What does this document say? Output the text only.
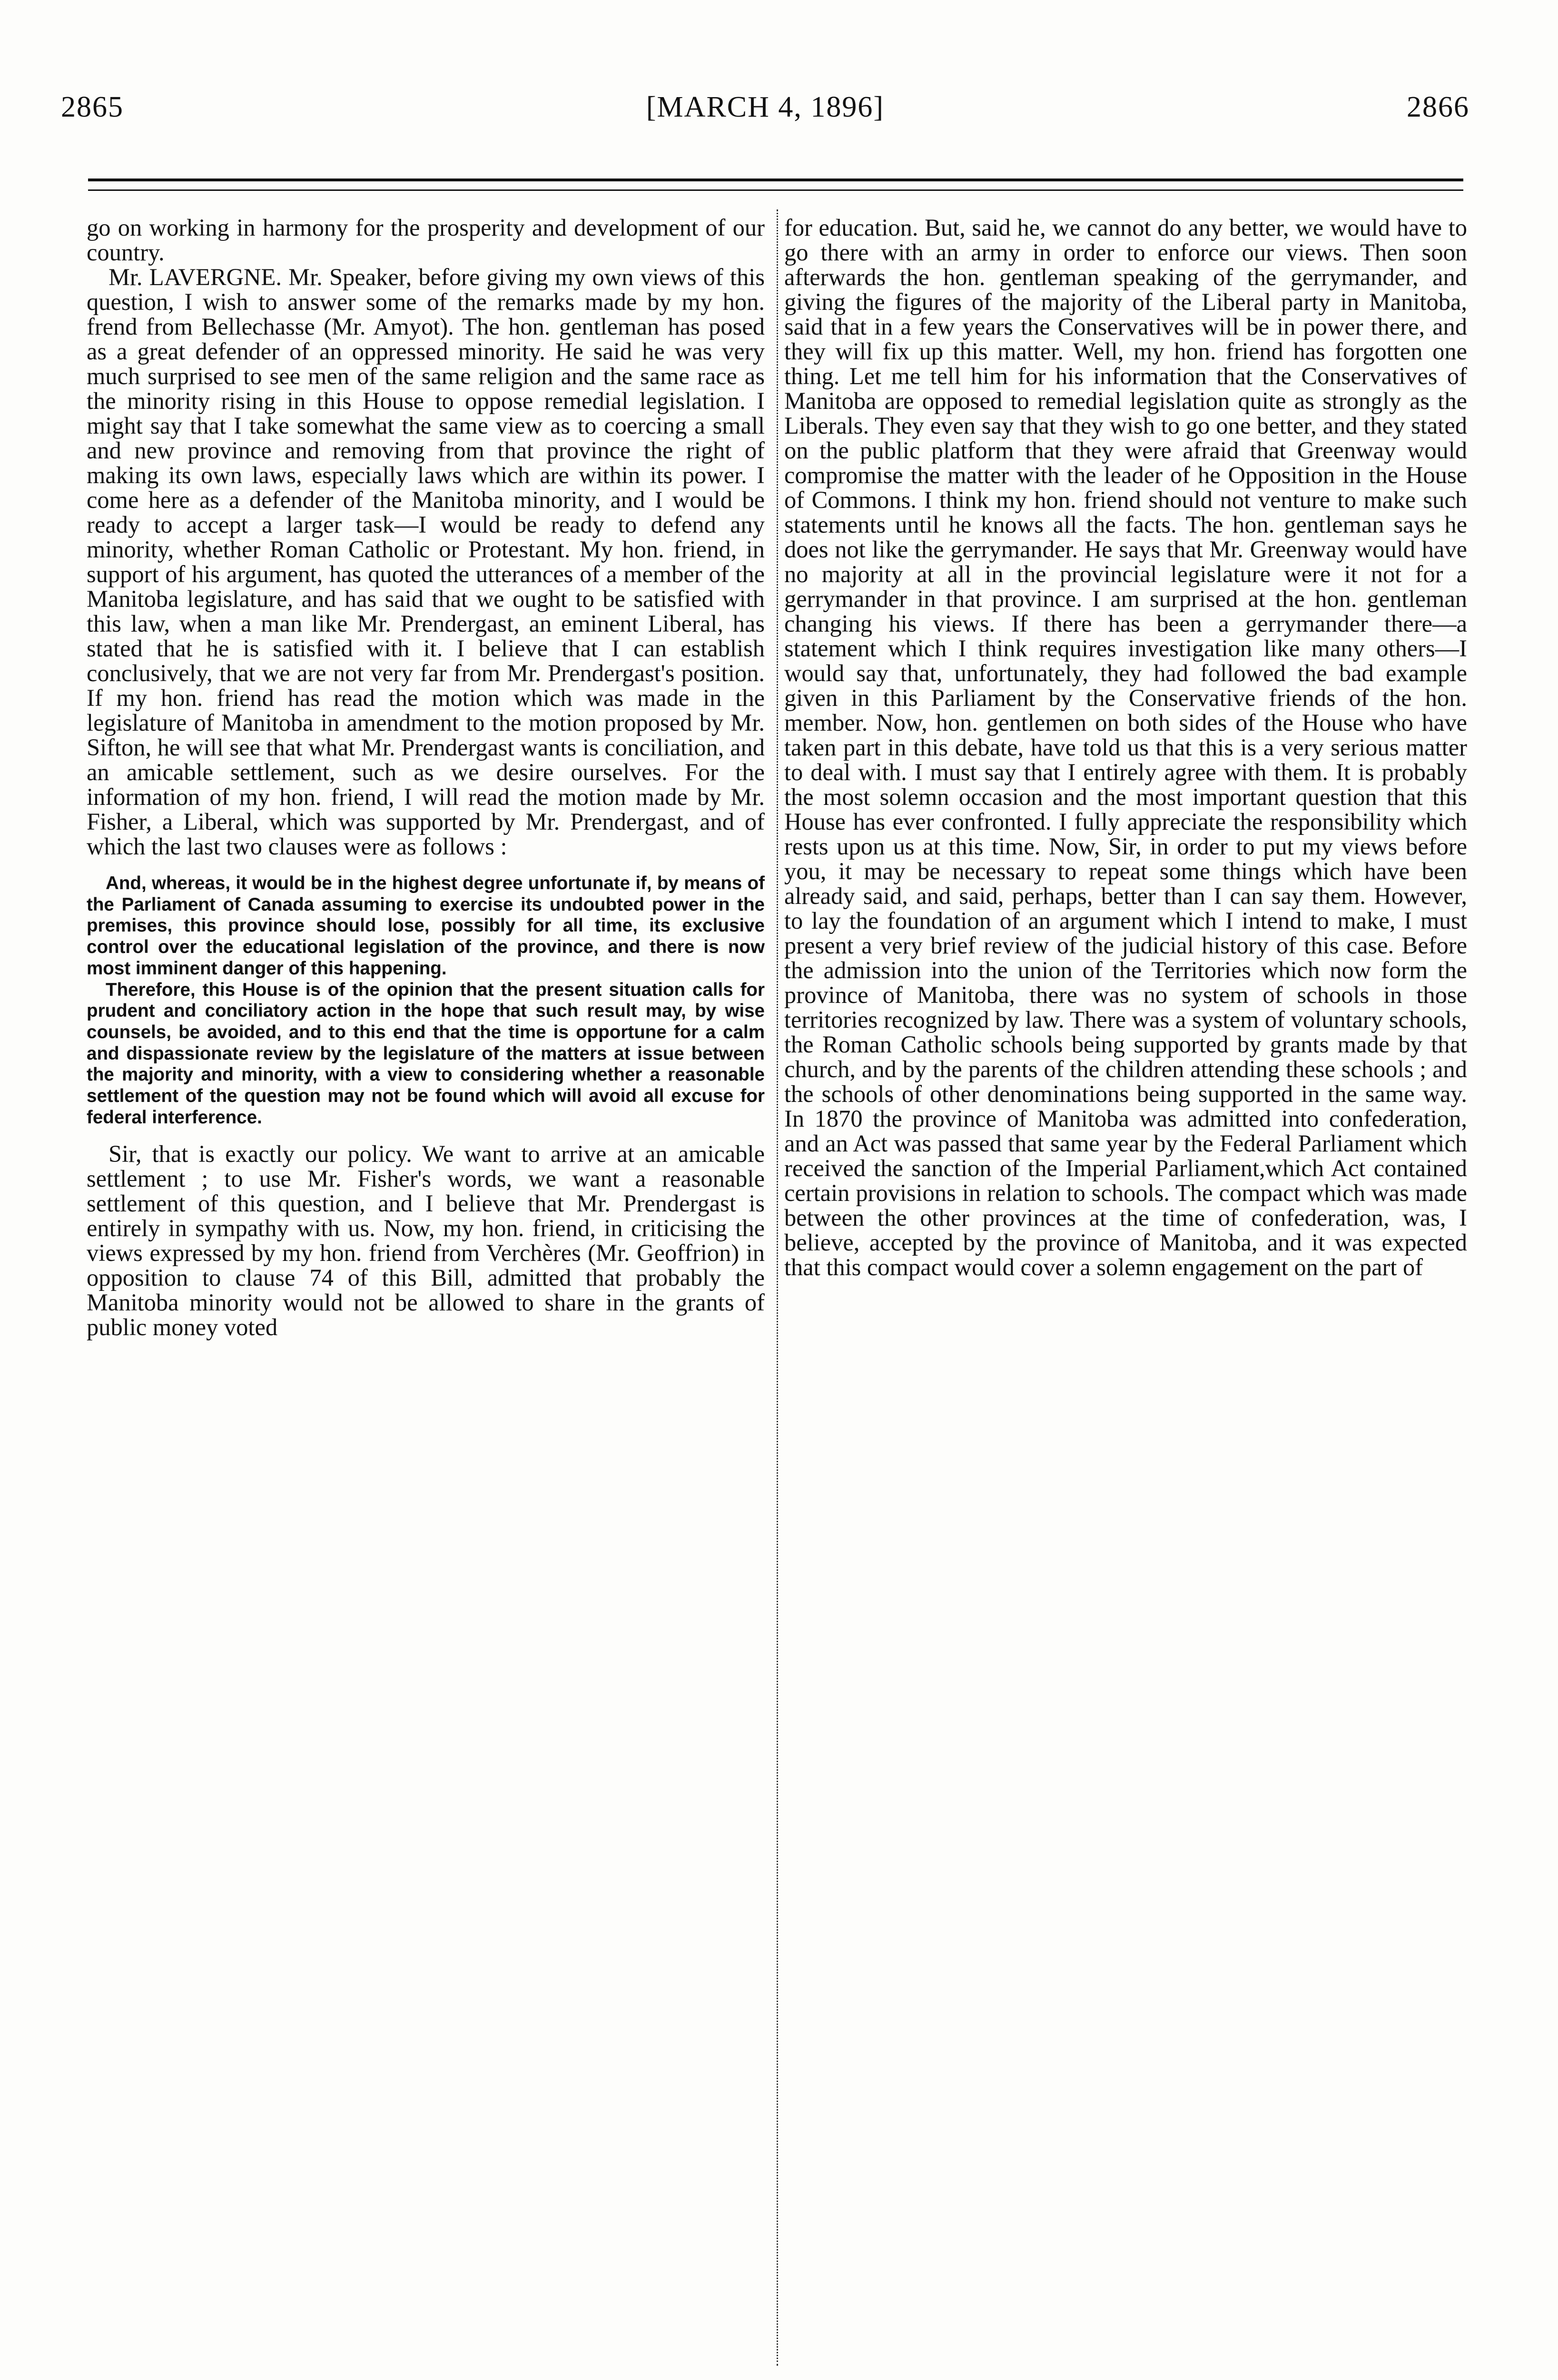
2865	[MARCH 4, 1896]	2866

go on working in harmony for the prosperity and development of our country.

Mr. LAVERGNE. Mr. Speaker, before giving my own views of this question, I wish to answer some of the remarks made by my hon. frend from Bellechasse (Mr. Amyot). The hon. gentleman has posed as a great defender of an oppressed minority. He said he was very much surprised to see men of the same religion and the same race as the minority rising in this House to oppose remedial legislation. I might say that I take somewhat the same view as to coercing a small and new province and removing from that province the right of making its own laws, especially laws which are within its power. I come here as a defender of the Manitoba minority, and I would be ready to accept a larger task—I would be ready to defend any minority, whether Roman Catholic or Protestant. My hon. friend, in support of his argument, has quoted the utterances of a member of the Manitoba legislature, and has said that we ought to be satisfied with this law, when a man like Mr. Prendergast, an eminent Liberal, has stated that he is satisfied with it. I believe that I can establish conclusively, that we are not very far from Mr. Prendergast's position. If my hon. friend has read the motion which was made in the legislature of Manitoba in amendment to the motion proposed by Mr. Sifton, he will see that what Mr. Prendergast wants is conciliation, and an amicable settlement, such as we desire ourselves. For the information of my hon. friend, I will read the motion made by Mr. Fisher, a Liberal, which was supported by Mr. Prendergast, and of which the last two clauses were as follows :

And, whereas, it would be in the highest degree unfortunate if, by means of the Parliament of Canada assuming to exercise its undoubted power in the premises, this province should lose, possibly for all time, its exclusive control over the educational legislation of the province, and there is now most imminent danger of this happening.

Therefore, this House is of the opinion that the present situation calls for prudent and conciliatory action in the hope that such result may, by wise counsels, be avoided, and to this end that the time is opportune for a calm and dispassionate review by the legislature of the matters at issue between the majority and minority, with a view to considering whether a reasonable settlement of the question may not be found which will avoid all excuse for federal interference.

Sir, that is exactly our policy. We want to arrive at an amicable settlement ; to use Mr. Fisher's words, we want a reasonable settlement of this question, and I believe that Mr. Prendergast is entirely in sympathy with us. Now, my hon. friend, in criticising the views expressed by my hon. friend from Verchères (Mr. Geoffrion) in opposition to clause 74 of this Bill, admitted that probably the Manitoba minority would not be allowed to share in the grants of public money voted

for education. But, said he, we cannot do any better, we would have to go there with an army in order to enforce our views. Then soon afterwards the hon. gentleman speaking of the gerrymander, and giving the figures of the majority of the Liberal party in Manitoba, said that in a few years the Conservatives will be in power there, and they will fix up this matter. Well, my hon. friend has forgotten one thing. Let me tell him for his information that the Conservatives of Manitoba are opposed to remedial legislation quite as strongly as the Liberals. They even say that they wish to go one better, and they stated on the public platform that they were afraid that Greenway would compromise the matter with the leader of he Opposition in the House of Commons. I think my hon. friend should not venture to make such statements until he knows all the facts. The hon. gentleman says he does not like the gerrymander. He says that Mr. Greenway would have no majority at all in the provincial legislature were it not for a gerrymander in that province. I am surprised at the hon. gentleman changing his views. If there has been a gerrymander there—a statement which I think requires investigation like many others—I would say that, unfortunately, they had followed the bad example given in this Parliament by the Conservative friends of the hon. member. Now, hon. gentlemen on both sides of the House who have taken part in this debate, have told us that this is a very serious matter to deal with. I must say that I entirely agree with them. It is probably the most solemn occasion and the most important question that this House has ever confronted. I fully appreciate the responsibility which rests upon us at this time. Now, Sir, in order to put my views before you, it may be necessary to repeat some things which have been already said, and said, perhaps, better than I can say them. However, to lay the foundation of an argument which I intend to make, I must present a very brief review of the judicial history of this case. Before the admission into the union of the Territories which now form the province of Manitoba, there was no system of schools in those territories recognized by law. There was a system of voluntary schools, the Roman Catholic schools being supported by grants made by that church, and by the parents of the children attending these schools ; and the schools of other denominations being supported in the same way. In 1870 the province of Manitoba was admitted into confederation, and an Act was passed that same year by the Federal Parliament which received the sanction of the Imperial Parliament,which Act contained certain provisions in relation to schools. The compact which was made between the other provinces at the time of confederation, was, I believe, accepted by the province of Manitoba, and it was expected that this compact would cover a solemn engagement on the part of
